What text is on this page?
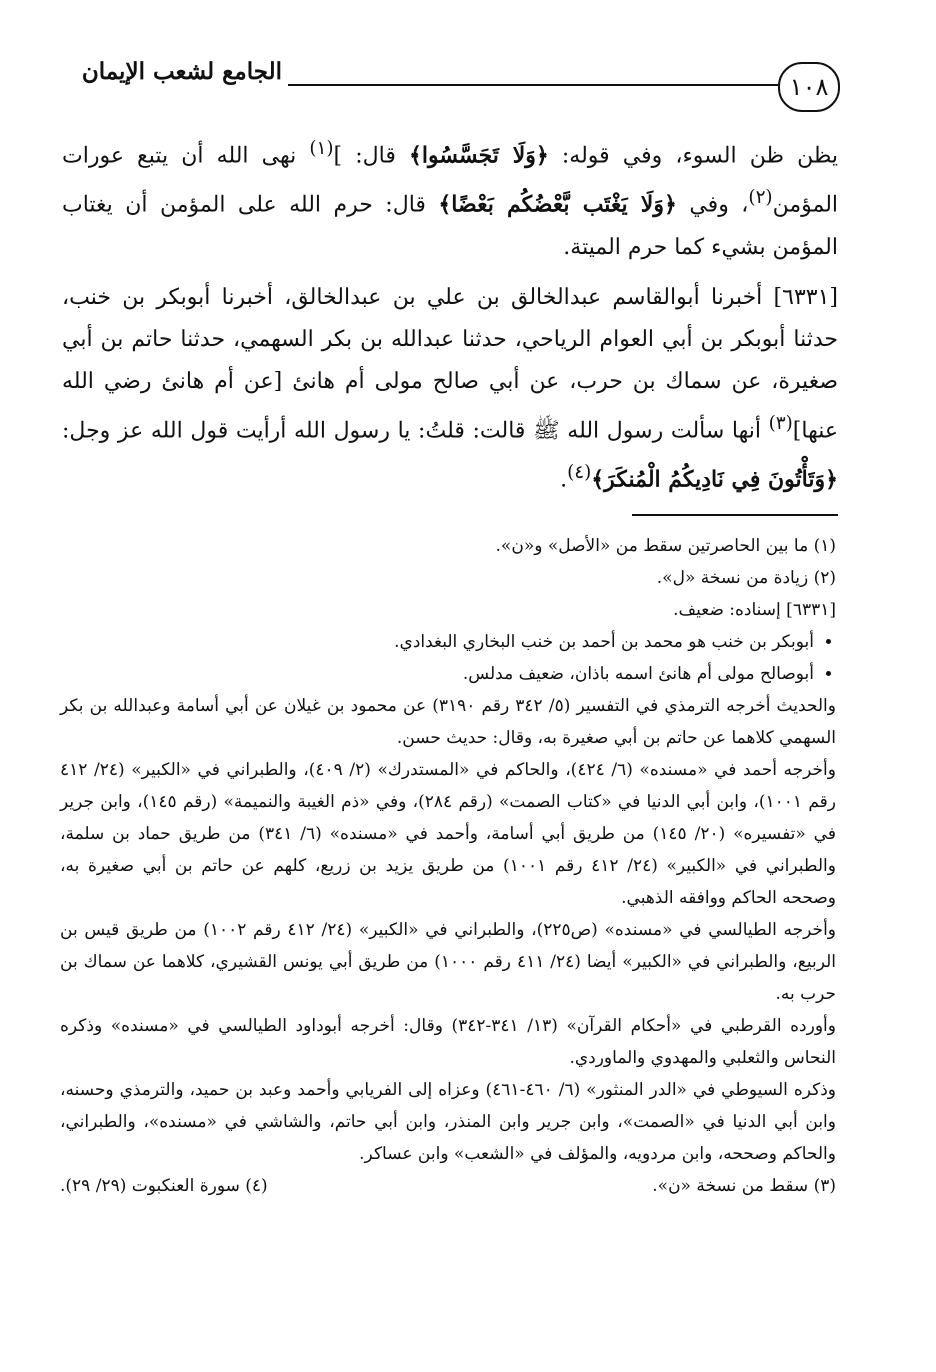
١٠٨
الجامع لشعب الإيمان

يظن ظن السوء، وفي قوله: ﴿وَلَا تَجَسَّسُوا﴾ قال: ]$^{(١)}$ نهى الله أن يتبع عورات المؤمن$^{(٢)}$، وفي ﴿وَلَا يَغْتَب بَّعْضُكُم بَعْضًا﴾ قال: حرم الله على المؤمن أن يغتاب المؤمن بشيء كما حرم الميتة.

[٦٣٣١] أخبرنا أبوالقاسم عبدالخالق بن علي بن عبدالخالق، أخبرنا أبوبكر بن خنب، حدثنا أبوبكر بن أبي العوام الرياحي، حدثنا عبدالله بن بكر السهمي، حدثنا حاتم بن أبي صغيرة، عن سماك بن حرب، عن أبي صالح مولى أم هانئ [عن أم هانئ رضي الله عنها]$^{(٣)}$ أنها سألت رسول الله ﷺ قالت: قلتُ: يا رسول الله أرأيت قول الله عز وجل: ﴿وَتَأْتُونَ فِي نَادِيكُمُ الْمُنكَرَ﴾$^{(٤)}$.

(١) ما بين الحاصرتين سقط من «الأصل» و«ن».

(٢) زيادة من نسخة «ل».

[٦٣٣١] إسناده: ضعيف.

• أبوبكر بن خنب هو محمد بن أحمد بن خنب البخاري البغدادي.
• أبوصالح مولى أم هانئ اسمه باذان، ضعيف مدلس.

والحديث أخرجه الترمذي في التفسير (٥/ ٣٤٢ رقم ٣١٩٠) عن محمود بن غيلان عن أبي أسامة وعبدالله بن بكر السهمي كلاهما عن حاتم بن أبي صغيرة به، وقال: حديث حسن.

وأخرجه أحمد في «مسنده» (٦/ ٤٢٤)، والحاكم في «المستدرك» (٢/ ٤٠٩)، والطبراني في «الكبير» (٢٤/ ٤١٢ رقم ١٠٠١)، وابن أبي الدنيا في «كتاب الصمت» (رقم ٢٨٤)، وفي «ذم الغيبة والنميمة» (رقم ١٤٥)، وابن جرير في «تفسيره» (٢٠/ ١٤٥) من طريق أبي أسامة، وأحمد في «مسنده» (٦/ ٣٤١) من طريق حماد بن سلمة، والطبراني في «الكبير» (٢٤/ ٤١٢ رقم ١٠٠١) من طريق يزيد بن زريع، كلهم عن حاتم بن أبي صغيرة به، وصححه الحاكم ووافقه الذهبي.

وأخرجه الطيالسي في «مسنده» (ص٢٢٥)، والطبراني في «الكبير» (٢٤/ ٤١٢ رقم ١٠٠٢) من طريق قيس بن الربيع، والطبراني في «الكبير» أيضا (٢٤/ ٤١١ رقم ١٠٠٠) من طريق أبي يونس القشيري، كلاهما عن سماك بن حرب به.

وأورده القرطبي في «أحكام القرآن» (١٣/ ٣٤١-٣٤٢) وقال: أخرجه أبوداود الطيالسي في «مسنده» وذكره النحاس والثعلبي والمهدوي والماوردي.

وذكره السيوطي في «الدر المنثور» (٦/ ٤٦٠-٤٦١) وعزاه إلى الفريابي وأحمد وعبد بن حميد، والترمذي وحسنه، وابن أبي الدنيا في «الصمت»، وابن جرير وابن المنذر، وابن أبي حاتم، والشاشي في «مسنده»، والطبراني، والحاكم وصححه، وابن مردويه، والمؤلف في «الشعب» وابن عساكر.

(٣) سقط من نسخة «ن».
(٤) سورة العنكبوت (٢٩/ ٢٩).
